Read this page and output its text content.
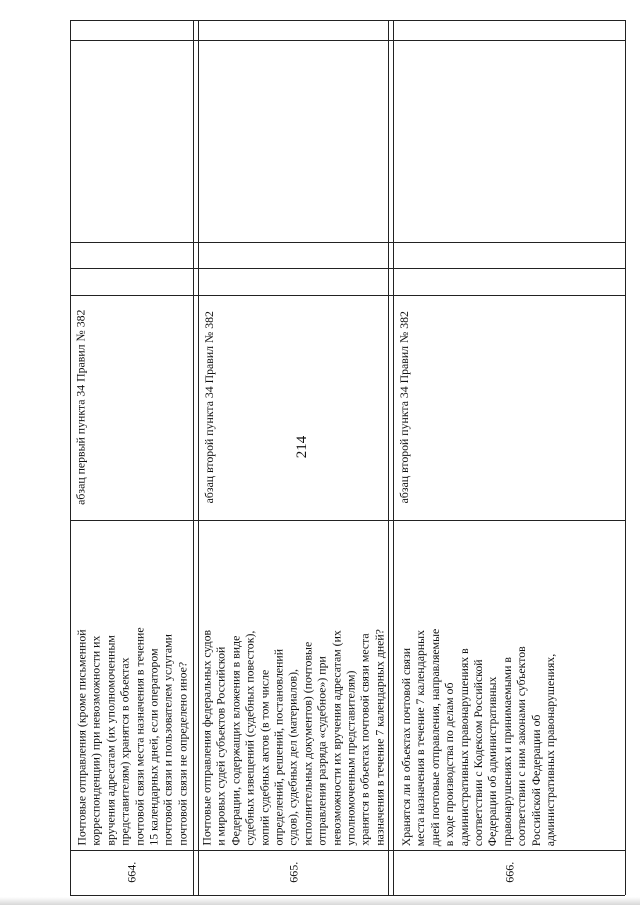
214
664.
Почтовые отправления (кроме письменной корреспонденции) при невозможности их вручения адресатам (их уполномоченным представителям) хранятся в объектах почтовой связи места назначения в течение 15 календарных дней, если оператором почтовой связи и пользователем услугами почтовой связи не определено иное?
абзац первый пункта 34 Правил № 382
665.
Почтовые отправления федеральных судов и мировых судей субъектов Российской Федерации, содержащих вложения в виде судебных извещений (судебных повесток), копий судебных актов (в том числе определений, решений, постановлений судов), судебных дел (материалов), исполнительных документов) (почтовые отправления разряда «судебное») при невозможности их вручения адресатам (их уполномоченным представителям) хранятся в объектах почтовой связи места назначения в течение 7 календарных дней?
абзац второй пункта 34 Правил № 382
666.
Хранятся ли в объектах почтовой связи места назначения в течение 7 календарных дней почтовые отправления, направляемые в ходе производства по делам об административных правонарушениях в соответствии с Кодексом Российской Федерации об административных правонарушениях и принимаемыми в соответствии с ним законами субъектов Российской Федерации об административных правонарушениях,
абзац второй пункта 34 Правил № 382
